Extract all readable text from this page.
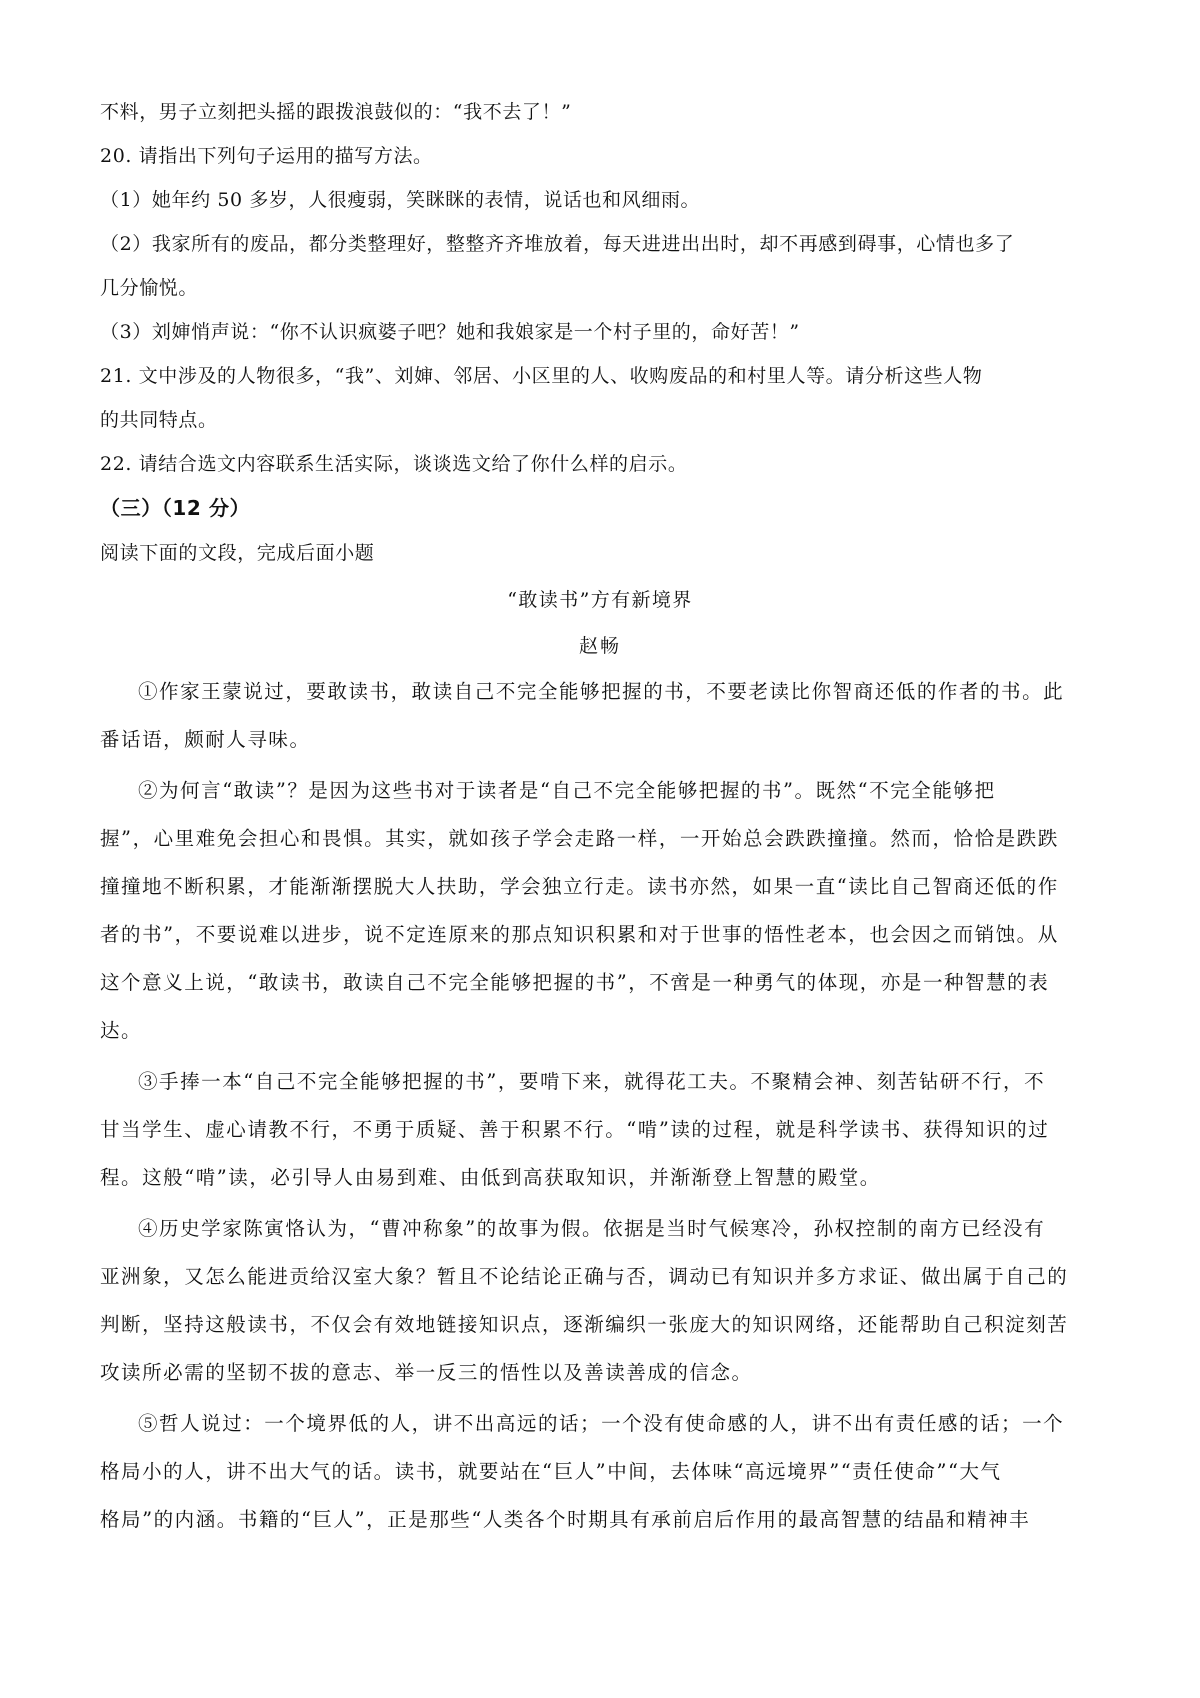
不料，男子立刻把头摇的跟拨浪鼓似的：“我不去了！”

20. 请指出下列句子运用的描写方法。

（1）她年约 50 多岁，人很瘦弱，笑眯眯的表情，说话也和风细雨。

（2）我家所有的废品，都分类整理好，整整齐齐堆放着，每天进进出出时，却不再感到碍事，心情也多了

几分愉悦。

（3）刘婶悄声说：“你不认识疯婆子吧？她和我娘家是一个村子里的，命好苦！”

21. 文中涉及的人物很多，“我”、刘婶、邻居、小区里的人、收购废品的和村里人等。请分析这些人物

的共同特点。

22. 请结合选文内容联系生活实际，谈谈选文给了你什么样的启示。

（三）（12 分）

阅读下面的文段，完成后面小题

“敢读书”方有新境界

赵畅

①作家王蒙说过，要敢读书，敢读自己不完全能够把握的书，不要老读比你智商还低的作者的书。此

番话语，颇耐人寻味。

②为何言“敢读”？是因为这些书对于读者是“自己不完全能够把握的书”。既然“不完全能够把

握”，心里难免会担心和畏惧。其实，就如孩子学会走路一样，一开始总会跌跌撞撞。然而，恰恰是跌跌

撞撞地不断积累，才能渐渐摆脱大人扶助，学会独立行走。读书亦然，如果一直“读比自己智商还低的作

者的书”，不要说难以进步，说不定连原来的那点知识积累和对于世事的悟性老本，也会因之而销蚀。从

这个意义上说，“敢读书，敢读自己不完全能够把握的书”，不啻是一种勇气的体现，亦是一种智慧的表

达。

③手捧一本“自己不完全能够把握的书”，要啃下来，就得花工夫。不聚精会神、刻苦钻研不行，不

甘当学生、虚心请教不行，不勇于质疑、善于积累不行。“啃”读的过程，就是科学读书、获得知识的过

程。这般“啃”读，必引导人由易到难、由低到高获取知识，并渐渐登上智慧的殿堂。

④历史学家陈寅恪认为，“曹冲称象”的故事为假。依据是当时气候寒冷，孙权控制的南方已经没有

亚洲象，又怎么能进贡给汉室大象？暂且不论结论正确与否，调动已有知识并多方求证、做出属于自己的

判断，坚持这般读书，不仅会有效地链接知识点，逐渐编织一张庞大的知识网络，还能帮助自己积淀刻苦

攻读所必需的坚韧不拔的意志、举一反三的悟性以及善读善成的信念。

⑤哲人说过：一个境界低的人，讲不出高远的话；一个没有使命感的人，讲不出有责任感的话；一个

格局小的人，讲不出大气的话。读书，就要站在“巨人”中间，去体味“高远境界”“责任使命”“大气

格局”的内涵。书籍的“巨人”，正是那些“人类各个时期具有承前启后作用的最高智慧的结晶和精神丰
